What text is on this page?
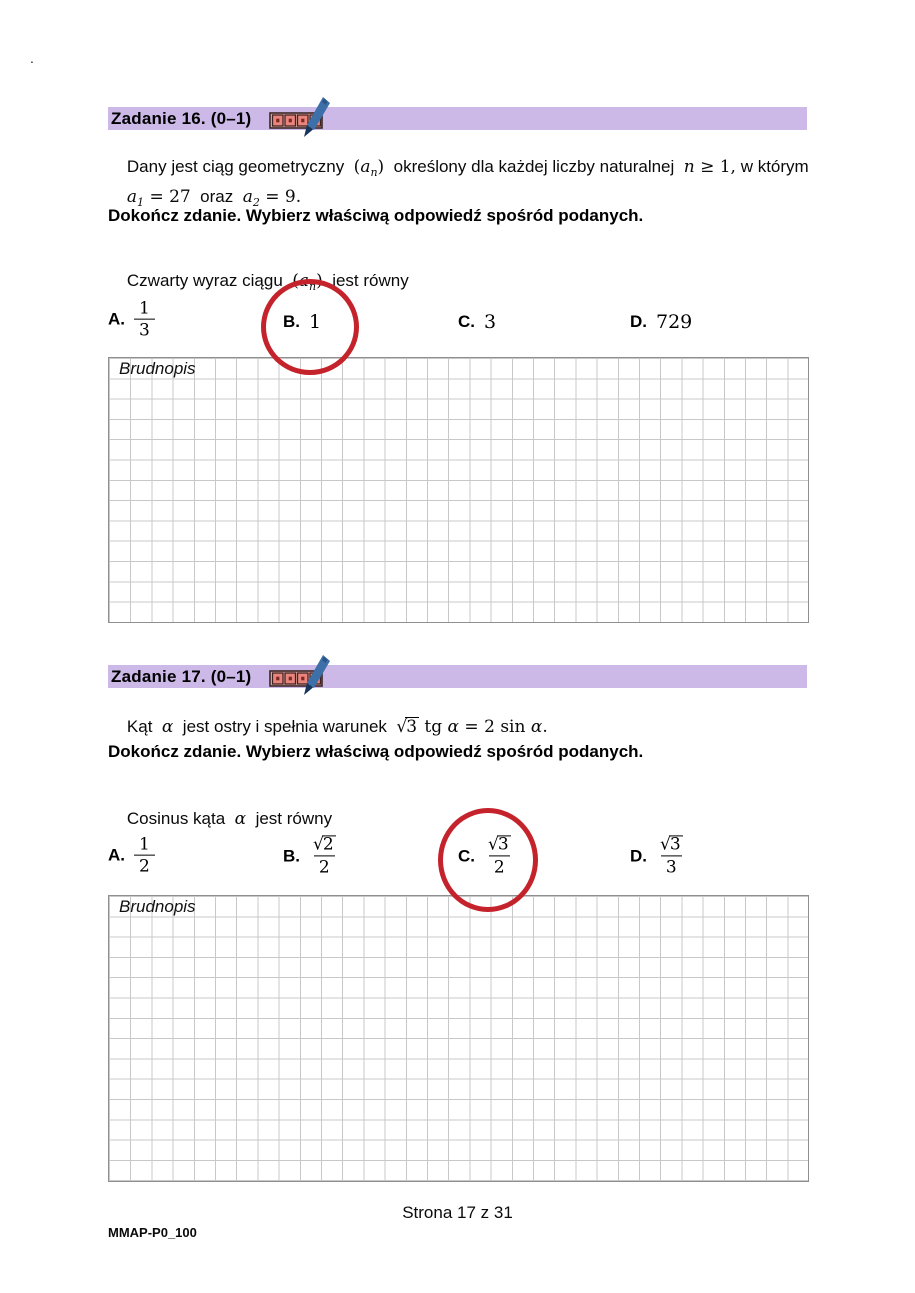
.
Zadanie 16. (0–1)

Dany jest ciąg geometryczny  $(a_n)$  określony dla każdej liczby naturalnej  n ≥ 1, w którym

$a_1 = 27$  oraz  $a_2 = 9$.

Dokończ zdanie. Wybierz właściwą odpowiedź spośród podanych.

Czwarty wyraz ciągu  $(a_n)$  jest równy

A. $\frac{1}{3}$	B. 1	C. 3	D. 729
Brudnopis
Zadanie 17. (0–1)

Kąt  α  jest ostry i spełnia warunek  √3 tg α = 2 sin α.

Dokończ zdanie. Wybierz właściwą odpowiedź spośród podanych.

Cosinus kąta  α  jest równy

A. $\frac{1}{2}$	B. $\frac{√2}{2}$	C. $\frac{√3}{2}$	D. $\frac{√3}{3}$
Brudnopis
Strona 17 z 31
MMAP-P0_100
